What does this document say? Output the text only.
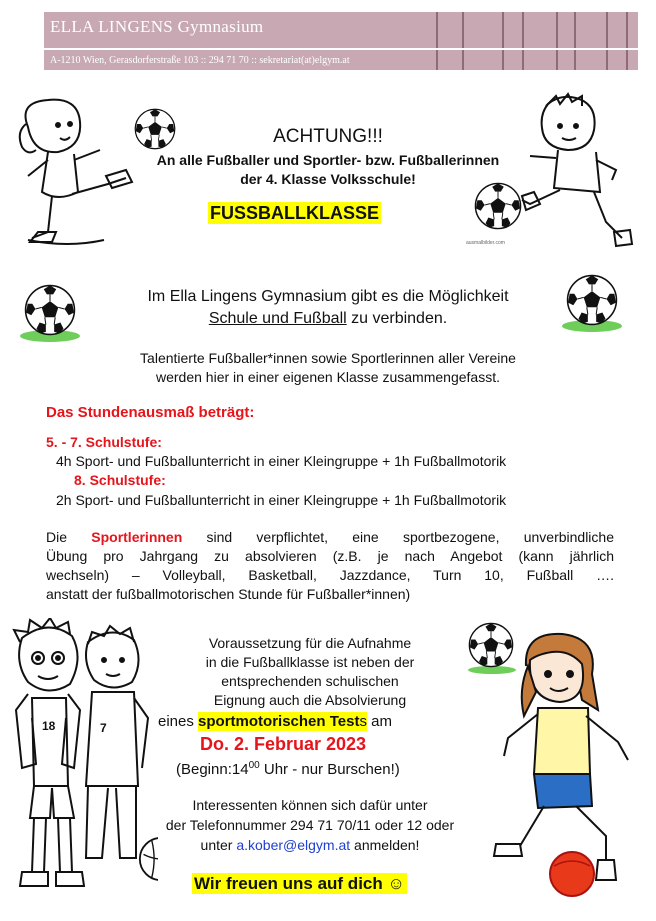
ELLA LINGENS Gymnasium
A-1210 Wien, Gerasdorferstraße 103 :: 294 71 70 :: sekretariat(at)elgym.at
ausmalbilder.com
ACHTUNG!!!
An alle Fußballer und Sportler- bzw. Fußballerinnen
der 4. Klasse Volksschule!
FUSSBALLKLASSE
Im Ella Lingens Gymnasium gibt es die Möglichkeit
Schule und Fußball zu verbinden.
Talentierte Fußballer*innen sowie Sportlerinnen aller Vereine
werden hier in einer eigenen Klasse zusammengefasst.
Das Stundenausmaß beträgt:
5. - 7. Schulstufe:
4h Sport- und Fußballunterricht in einer Kleingruppe + 1h Fußballmotorik
8. Schulstufe:
2h Sport- und Fußballunterricht in einer Kleingruppe + 1h Fußballmotorik
Die Sportlerinnen sind verpflichtet, eine sportbezogene, unverbindliche
Übung pro Jahrgang zu absolvieren (z.B. je nach Angebot (kann jährlich
wechseln) – Volleyball, Basketball, Jazzdance, Turn 10, Fußball ….
anstatt der fußballmotorischen Stunde für Fußballer*innen)
18	7
Voraussetzung für die Aufnahme
in die Fußballklasse ist neben der
entsprechenden schulischen
Eignung auch die Absolvierung
eines sportmotorischen Tests am
Do. 2. Februar 2023
($Beginn:14^{00}$ Uhr - nur Burschen!)
Interessenten können sich dafür unter
der Telefonnummer 294 71 70/11 oder 12 oder
unter a.kober@elgym.at anmelden!
Wir freuen uns auf dich ☺
